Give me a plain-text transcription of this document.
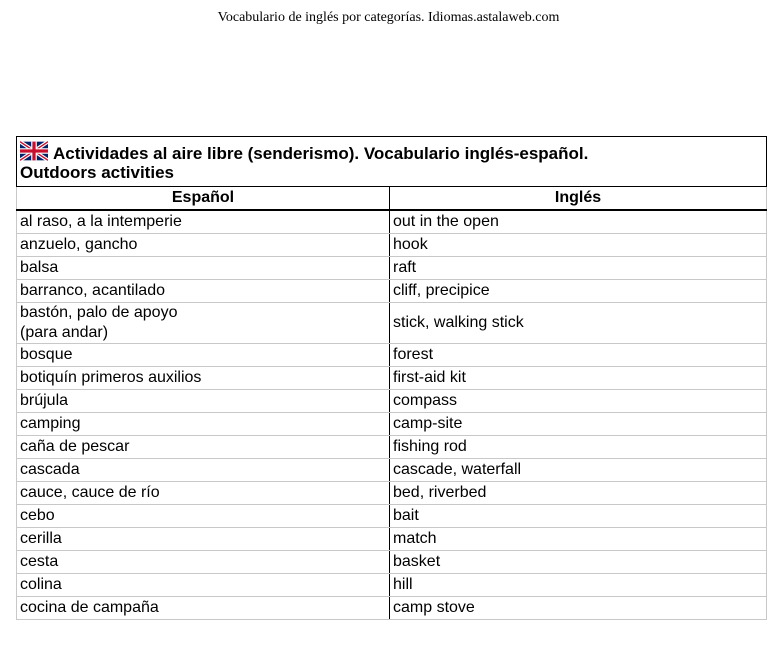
Vocabulario de inglés por categorías. Idiomas.astalaweb.com
Actividades al aire libre (senderismo). Vocabulario inglés-español.
Outdoors activities	
Español	Inglés

al raso, a la intemperie	out in the open

anzuelo, gancho	hook

balsa	raft

barranco, acantilado	cliff, precipice

bastón, palo de apoyo
(para andar)	stick, walking stick

bosque	forest

botiquín primeros auxilios	first-aid kit

brújula	compass

camping	camp-site

caña de pescar	fishing rod

cascada	cascade, waterfall

cauce, cauce de río	bed, riverbed

cebo	bait

cerilla	match

cesta	basket

colina	hill

cocina de campaña	camp stove
